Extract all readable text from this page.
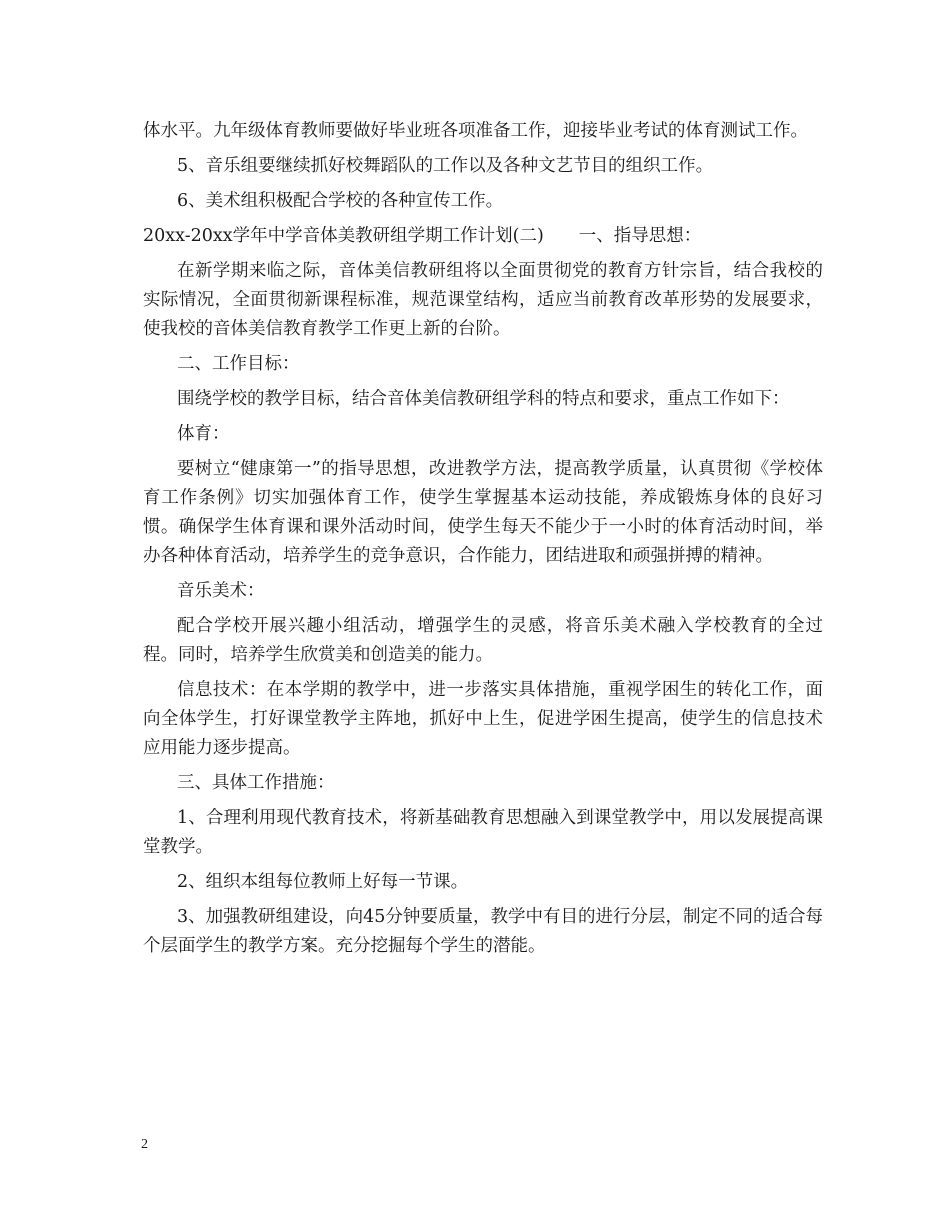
体水平。九年级体育教师要做好毕业班各项准备工作，迎接毕业考试的体育测试工作。

5、音乐组要继续抓好校舞蹈队的工作以及各种文艺节目的组织工作。

6、美术组积极配合学校的各种宣传工作。

20xx-20xx学年中学音体美教研组学期工作计划(二)　　一、指导思想：

在新学期来临之际，音体美信教研组将以全面贯彻党的教育方针宗旨，结合我校的实际情况，全面贯彻新课程标准，规范课堂结构，适应当前教育改革形势的发展要求，使我校的音体美信教育教学工作更上新的台阶。

二、工作目标：

围绕学校的教学目标，结合音体美信教研组学科的特点和要求，重点工作如下：

体育：

要树立“健康第一”的指导思想，改进教学方法，提高教学质量，认真贯彻《学校体育工作条例》切实加强体育工作，使学生掌握基本运动技能，养成锻炼身体的良好习惯。确保学生体育课和课外活动时间，使学生每天不能少于一小时的体育活动时间，举办各种体育活动，培养学生的竞争意识，合作能力，团结进取和顽强拼搏的精神。

音乐美术：

配合学校开展兴趣小组活动，增强学生的灵感，将音乐美术融入学校教育的全过程。同时，培养学生欣赏美和创造美的能力。

信息技术：在本学期的教学中，进一步落实具体措施，重视学困生的转化工作，面向全体学生，打好课堂教学主阵地，抓好中上生，促进学困生提高，使学生的信息技术应用能力逐步提高。

三、具体工作措施：

1、合理利用现代教育技术，将新基础教育思想融入到课堂教学中，用以发展提高课堂教学。

2、组织本组每位教师上好每一节课。

3、加强教研组建设，向45分钟要质量，教学中有目的进行分层，制定不同的适合每个层面学生的教学方案。充分挖掘每个学生的潜能。

2
